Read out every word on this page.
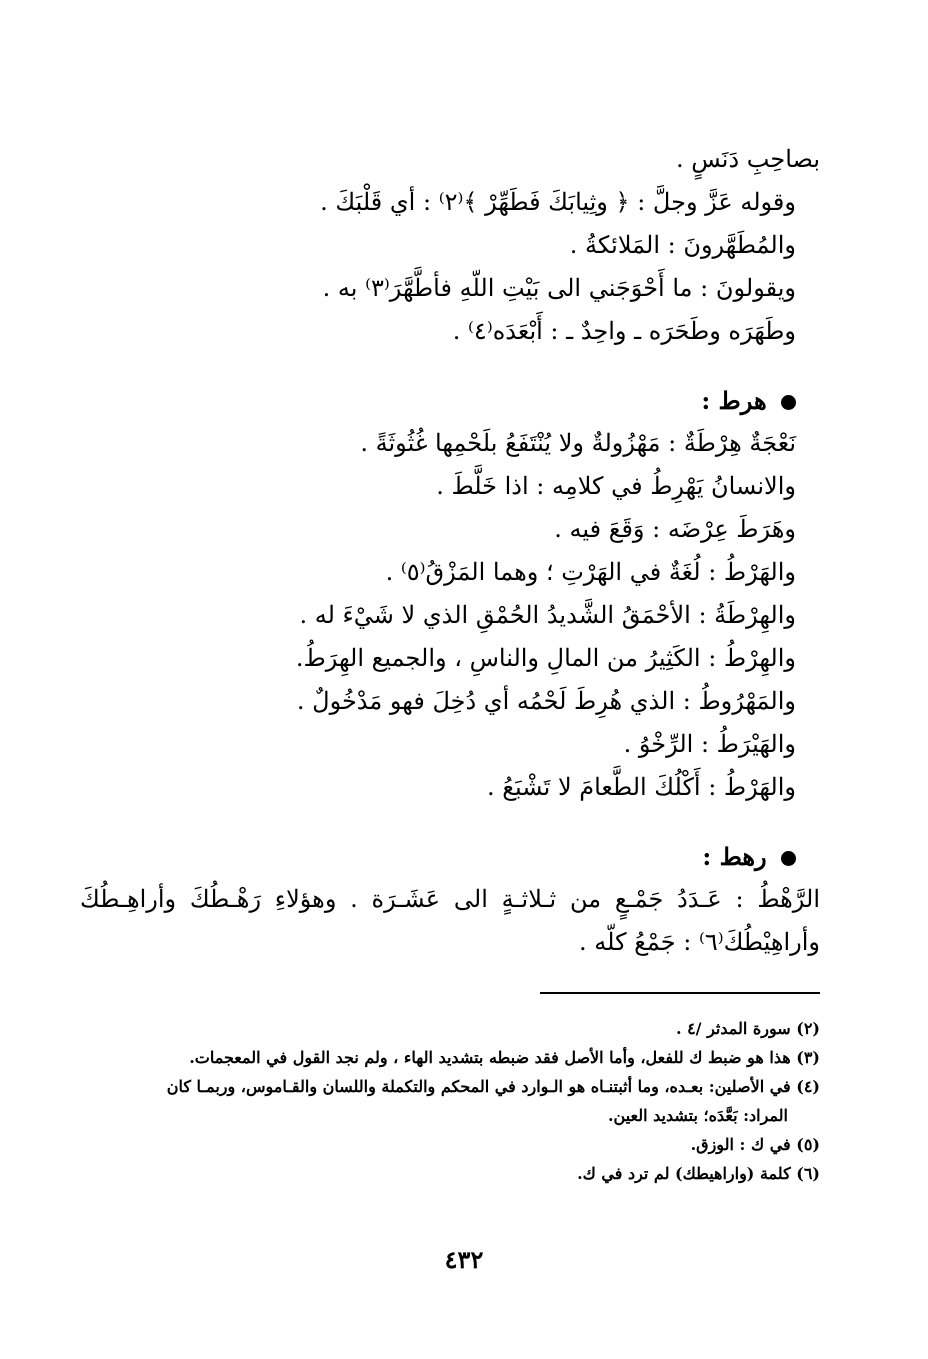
بصاحِبِ دَنَسٍ .
وقوله عَزَّ وجلَّ : ﴿ وثِيابَكَ فَطَهِّرْ ﴾⁽٢⁾ : أي قَلْبَكَ .
والمُطَهَّرونَ : المَلائكةُ .
ويقولونَ : ما أَحْوَجَني الى بَيْتِ اللّهِ فأطَّهَّرَ⁽٣⁾ به .
وطَهَرَه وطَحَرَه ـ واحِدٌ ـ : أَبْعَدَه⁽٤⁾ .
هرط :
نَعْجَةٌ هِرْطَةٌ : مَهْزُولةٌ ولا يُنْتَفَعُ بلَحْمِها غُثُوثَةً .
والانسانُ يَهْرِطُ في كلامِه : اذا خَلَّطَ .
وهَرَطَ عِرْضَه : وَقَعَ فيه .
والهَرْطُ : لُغَةٌ في الهَرْتِ ؛ وهما المَزْقُ⁽٥⁾ .
والهِرْطَةُ : الأحْمَقُ الشَّديدُ الحُمْقِ الذي لا شَيْءَ له .
والهِرْطُ : الكَثِيرُ من المالِ والناسِ ، والجميع الهِرَطُ.
والمَهْرُوطُ : الذي هُرِطَ لَحْمُه أي دُخِلَ فهو مَدْخُولٌ .
والهَيْرَطُ : الرِّخْوُ .
والهَرْطُ : أَكْلُكَ الطَّعامَ لا تَشْبَعُ .
رهط :
الرَّهْطُ : عَـدَدُ جَمْـعٍ من ثـلاثـةٍ الى عَشَـرَة . وهؤلاءِ رَهْـطُكَ وأراهِـطُكَ
وأراهِيْطُكَ⁽٦⁾ : جَمْعُ كلّه .
(٢) سورة المدثر /٤ .
(٣) هذا هو ضبط ك للفعل، وأما الأصل فقد ضبطه بتشديد الهاء ، ولم نجد القول في المعجمات.
(٤) في الأصلين: بعـده، وما أثبتنـاه هو الـوارد في المحكم والتكملة واللسان والقـاموس، وربمـا كان
المراد: بَعَّدَه؛ بتشديد العين.
(٥) في ك : الوزق.
(٦) كلمة (واراهيطك) لم ترد في ك.
٤٣٢
